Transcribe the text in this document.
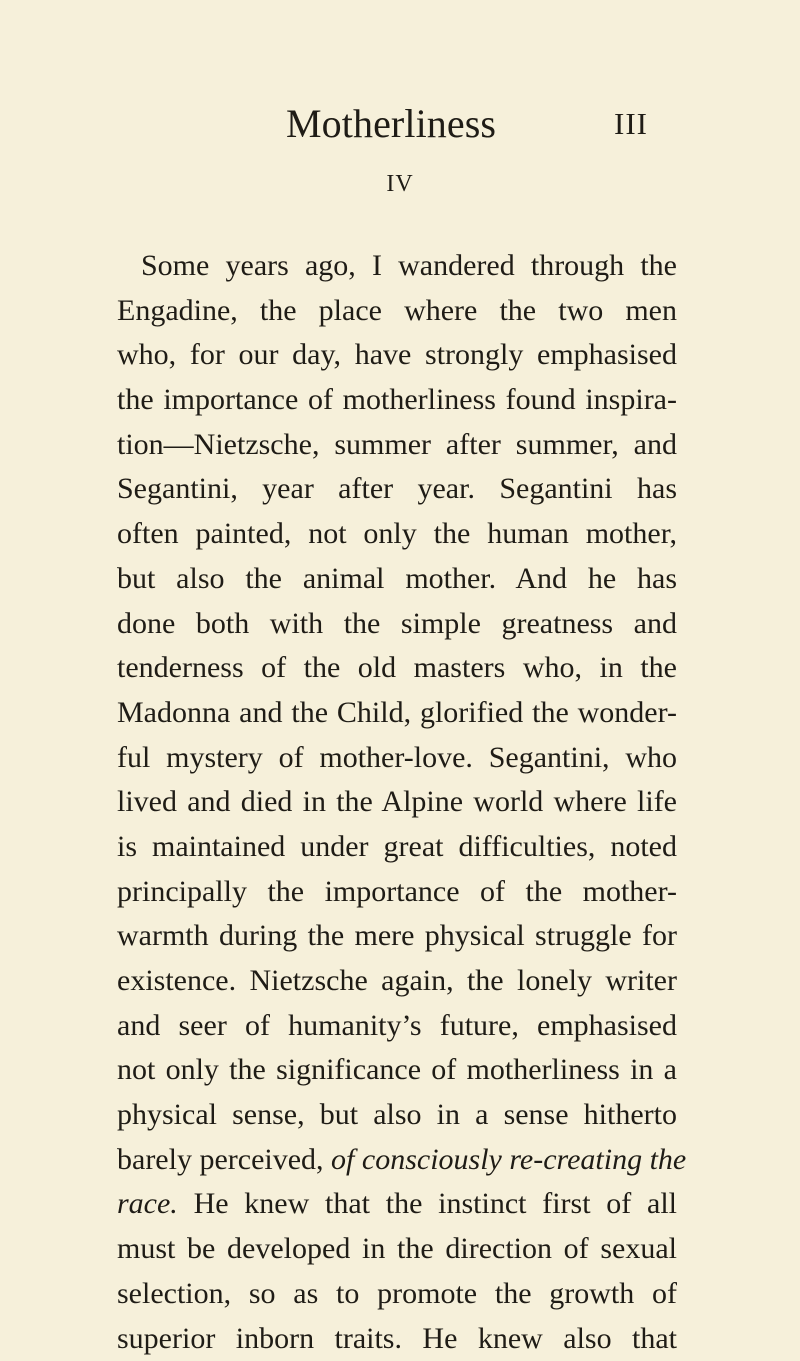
Motherliness	III
IV
Some years ago, I wandered through the
Engadine, the place where the two men
who, for our day, have strongly emphasised
the importance of motherliness found inspira-
tion—Nietzsche, summer after summer, and
Segantini, year after year. Segantini has
often painted, not only the human mother,
but also the animal mother. And he has
done both with the simple greatness and
tenderness of the old masters who, in the
Madonna and the Child, glorified the wonder-
ful mystery of mother-love. Segantini, who
lived and died in the Alpine world where life
is maintained under great difficulties, noted
principally the importance of the mother-
warmth during the mere physical struggle for
existence. Nietzsche again, the lonely writer
and seer of humanity’s future, emphasised
not only the significance of motherliness in a
physical sense, but also in a sense hitherto
barely perceived, of consciously re-creating the
race. He knew that the instinct first of all
must be developed in the direction of sexual
selection, so as to promote the growth of
superior inborn traits. He knew also that
